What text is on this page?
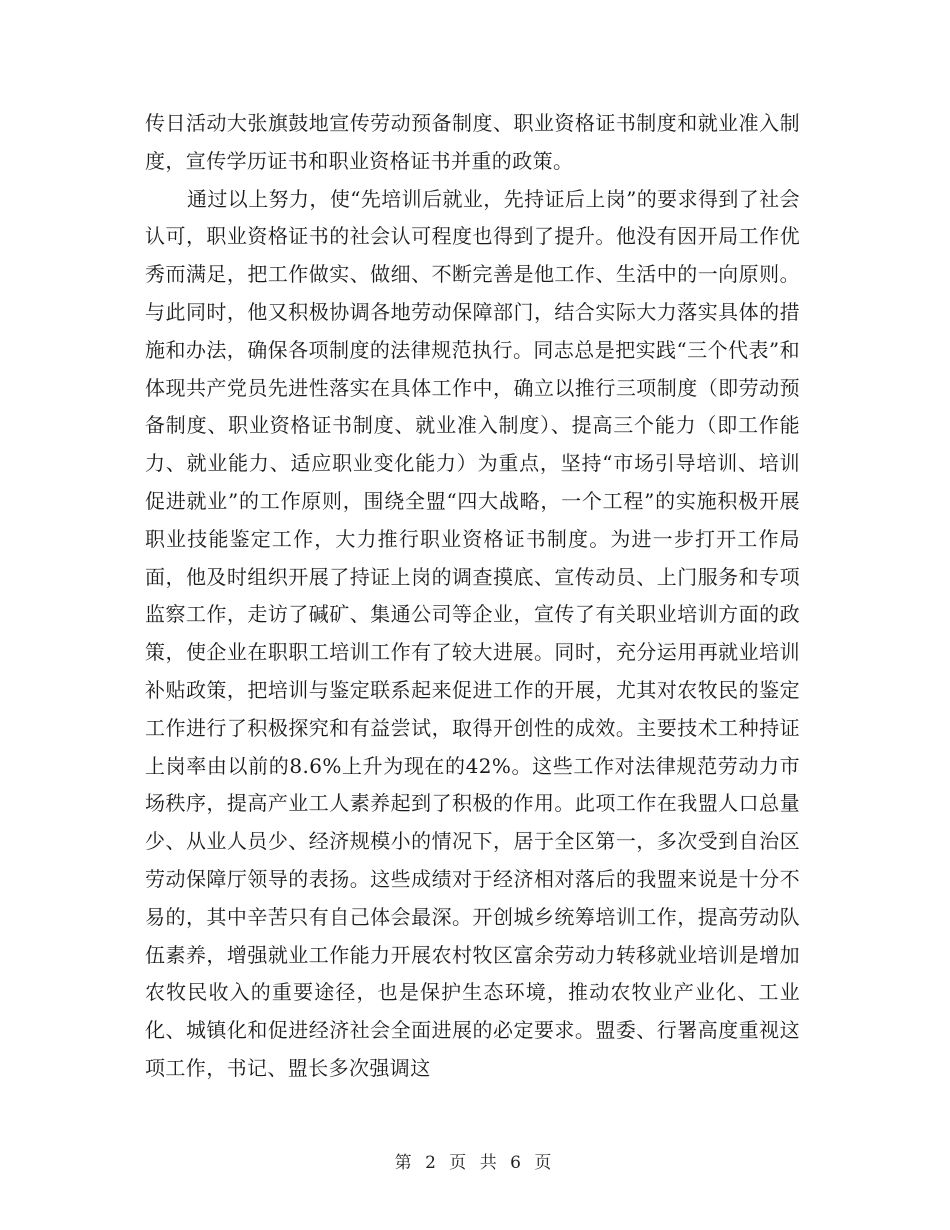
传日活动大张旗鼓地宣传劳动预备制度、职业资格证书制度和就业准入制度，宣传学历证书和职业资格证书并重的政策。

通过以上努力，使“先培训后就业，先持证后上岗”的要求得到了社会认可，职业资格证书的社会认可程度也得到了提升。他没有因开局工作优秀而满足，把工作做实、做细、不断完善是他工作、生活中的一向原则。与此同时，他又积极协调各地劳动保障部门，结合实际大力落实具体的措施和办法，确保各项制度的法律规范执行。同志总是把实践“三个代表”和体现共产党员先进性落实在具体工作中，确立以推行三项制度（即劳动预备制度、职业资格证书制度、就业准入制度）、提高三个能力（即工作能力、就业能力、适应职业变化能力）为重点，坚持“市场引导培训、培训促进就业”的工作原则，围绕全盟“四大战略，一个工程”的实施积极开展职业技能鉴定工作，大力推行职业资格证书制度。为进一步打开工作局面，他及时组织开展了持证上岗的调查摸底、宣传动员、上门服务和专项监察工作，走访了碱矿、集通公司等企业，宣传了有关职业培训方面的政策，使企业在职职工培训工作有了较大进展。同时，充分运用再就业培训补贴政策，把培训与鉴定联系起来促进工作的开展，尤其对农牧民的鉴定工作进行了积极探究和有益尝试，取得开创性的成效。主要技术工种持证上岗率由以前的8.6%上升为现在的42%。这些工作对法律规范劳动力市场秩序，提高产业工人素养起到了积极的作用。此项工作在我盟人口总量少、从业人员少、经济规模小的情况下，居于全区第一，多次受到自治区劳动保障厅领导的表扬。这些成绩对于经济相对落后的我盟来说是十分不易的，其中辛苦只有自己体会最深。开创城乡统筹培训工作，提高劳动队伍素养，增强就业工作能力开展农村牧区富余劳动力转移就业培训是增加农牧民收入的重要途径，也是保护生态环境，推动农牧业产业化、工业化、城镇化和促进经济社会全面进展的必定要求。盟委、行署高度重视这项工作，书记、盟长多次强调这

第 2 页 共 6 页
